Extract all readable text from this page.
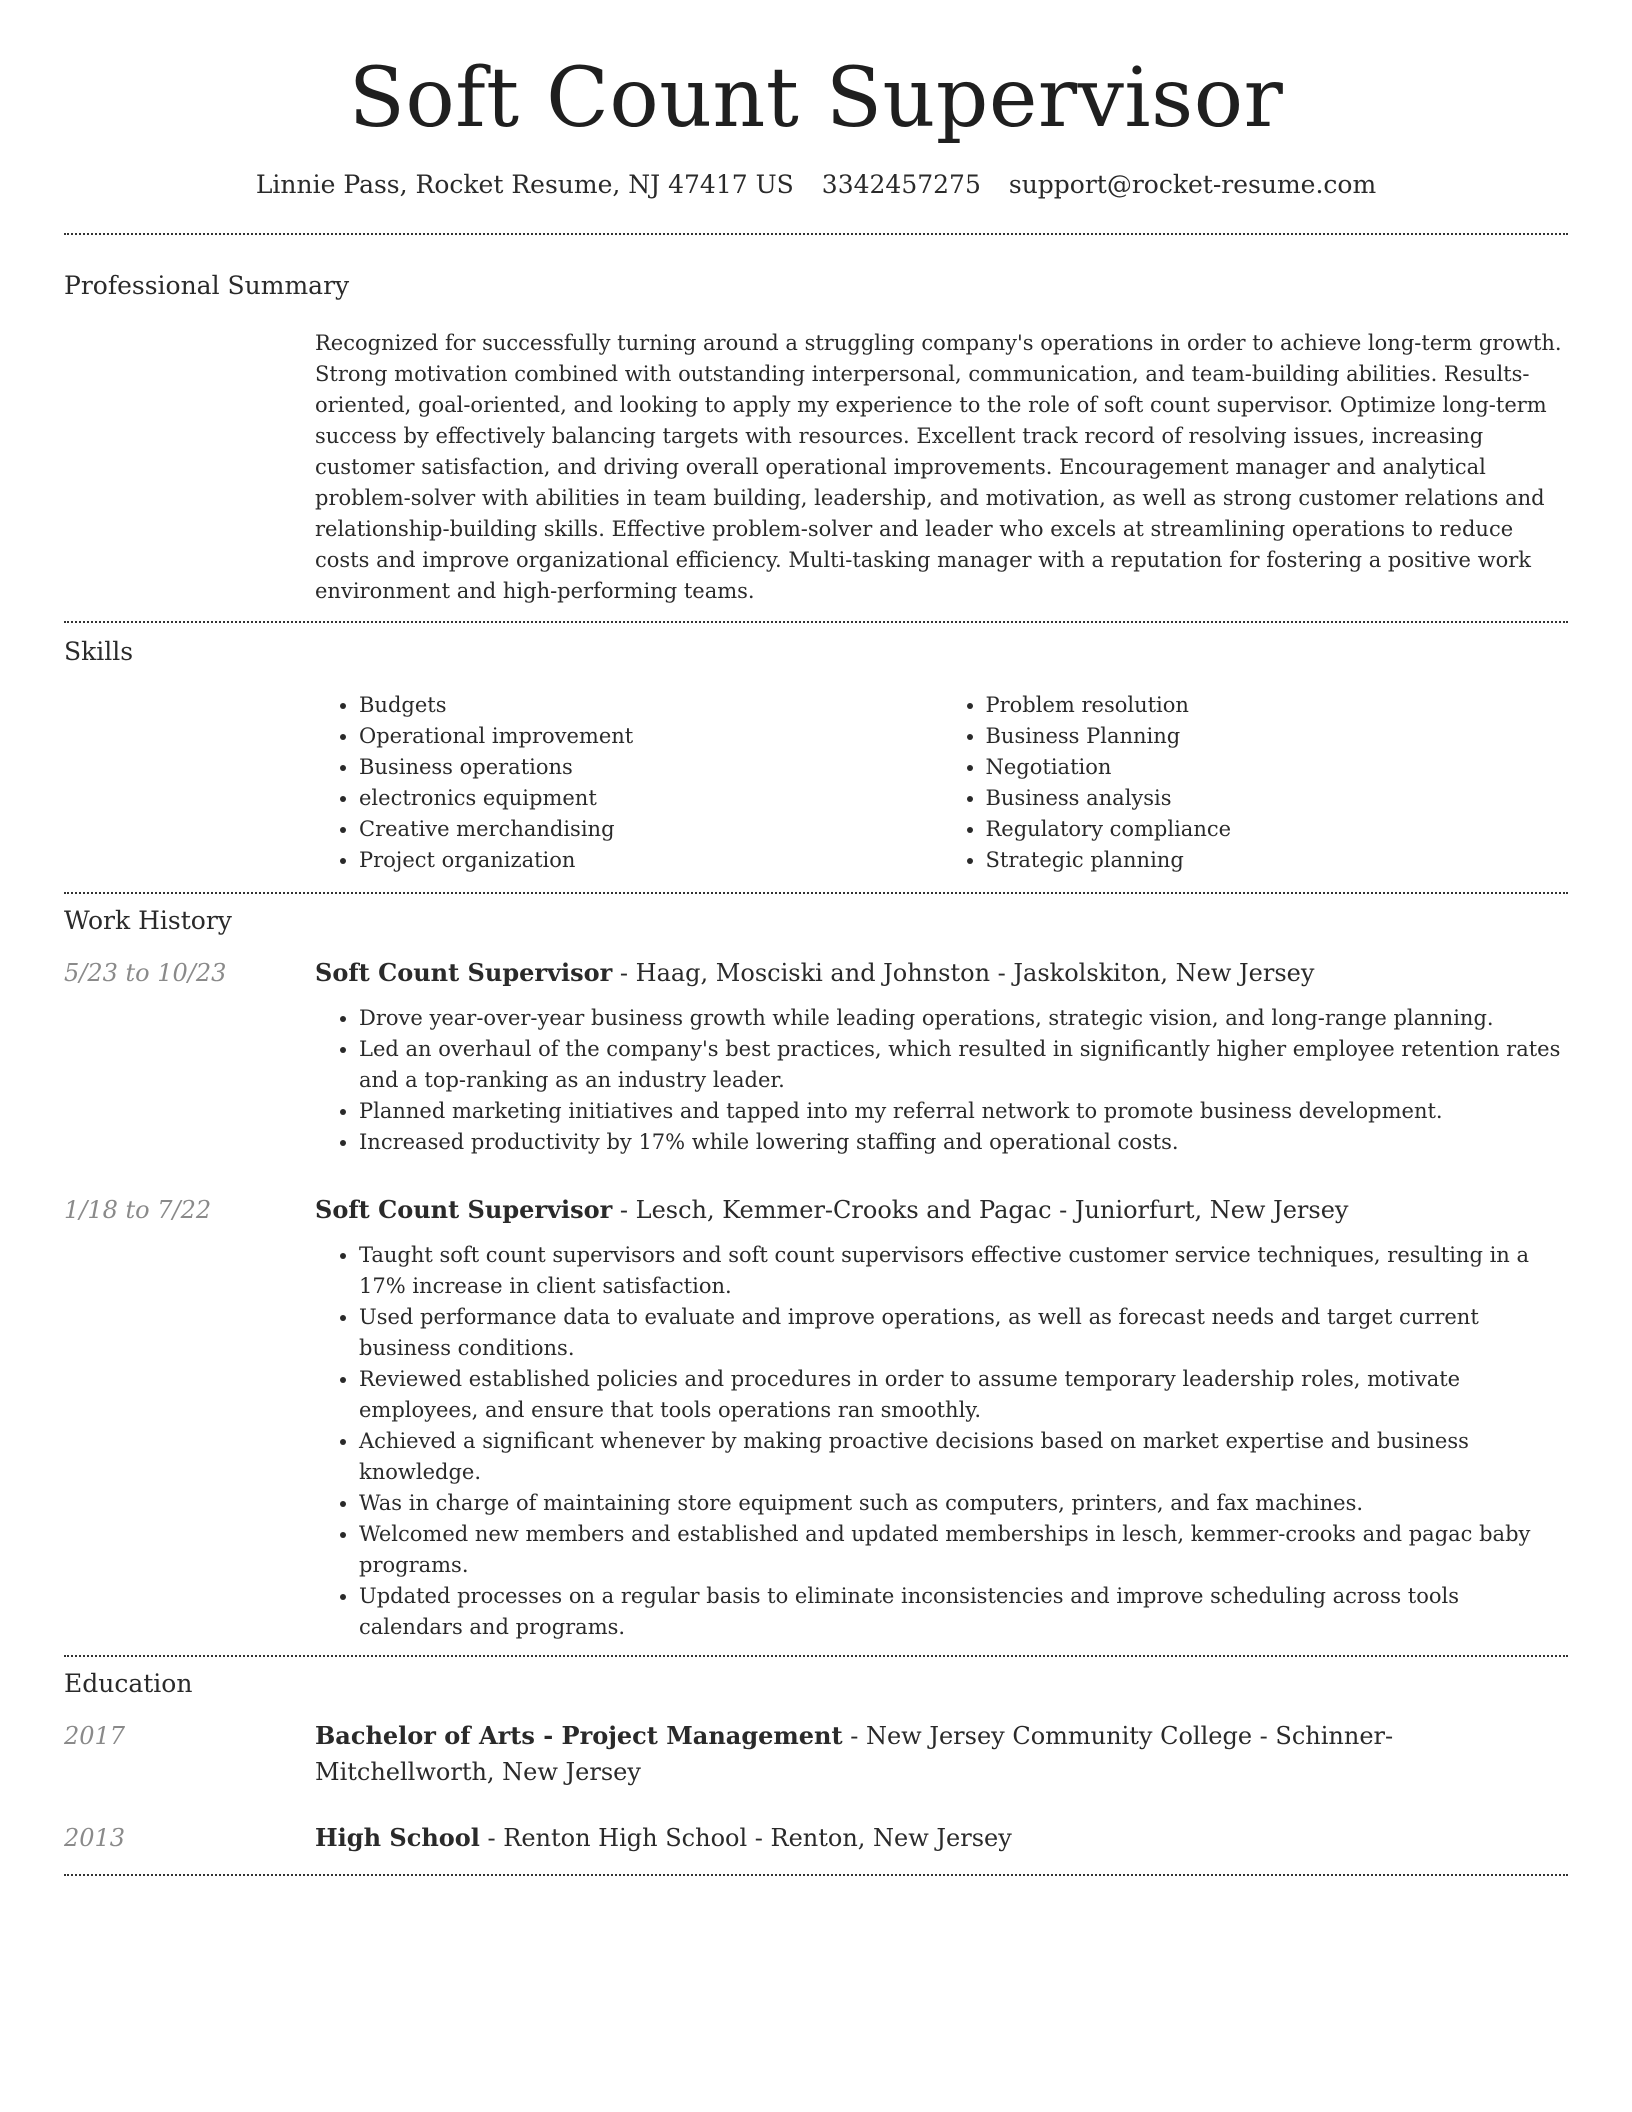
Soft Count Supervisor
Linnie Pass, Rocket Resume, NJ 47417 US 3342457275 support@rocket-resume.com
Professional Summary

Recognized for successfully turning around a struggling company's operations in order to achieve long-term growth. Strong motivation combined with outstanding interpersonal, communication, and team-building abilities. Results-oriented, goal-oriented, and looking to apply my experience to the role of soft count supervisor. Optimize long-term success by effectively balancing targets with resources. Excellent track record of resolving issues, increasing customer satisfaction, and driving overall operational improvements. Encouragement manager and analytical problem-solver with abilities in team building, leadership, and motivation, as well as strong customer relations and relationship-building skills. Effective problem-solver and leader who excels at streamlining operations to reduce costs and improve organizational efficiency. Multi-tasking manager with a reputation for fostering a positive work environment and high-performing teams.

Skills
• Budgets
• Operational improvement
• Business operations
• electronics equipment
• Creative merchandising
• Project organization
• Problem resolution
• Business Planning
• Negotiation
• Business analysis
• Regulatory compliance
• Strategic planning
Work History
5/23 to 10/23	Soft Count Supervisor - Haag, Mosciski and Johnston - Jaskolskiton, New Jersey
• Drove year-over-year business growth while leading operations, strategic vision, and long-range planning.
• Led an overhaul of the company's best practices, which resulted in significantly higher employee retention rates and a top-ranking as an industry leader.
• Planned marketing initiatives and tapped into my referral network to promote business development.
• Increased productivity by 17% while lowering staffing and operational costs.
1/18 to 7/22	Soft Count Supervisor - Lesch, Kemmer-Crooks and Pagac - Juniorfurt, New Jersey
• Taught soft count supervisors and soft count supervisors effective customer service techniques, resulting in a 17% increase in client satisfaction.
• Used performance data to evaluate and improve operations, as well as forecast needs and target current business conditions.
• Reviewed established policies and procedures in order to assume temporary leadership roles, motivate employees, and ensure that tools operations ran smoothly.
• Achieved a significant whenever by making proactive decisions based on market expertise and business knowledge.
• Was in charge of maintaining store equipment such as computers, printers, and fax machines.
• Welcomed new members and established and updated memberships in lesch, kemmer-crooks and pagac baby programs.
• Updated processes on a regular basis to eliminate inconsistencies and improve scheduling across tools calendars and programs.
Education
2017	Bachelor of Arts - Project Management - New Jersey Community College - Schinner-Mitchellworth, New Jersey
2013	High School - Renton High School - Renton, New Jersey
